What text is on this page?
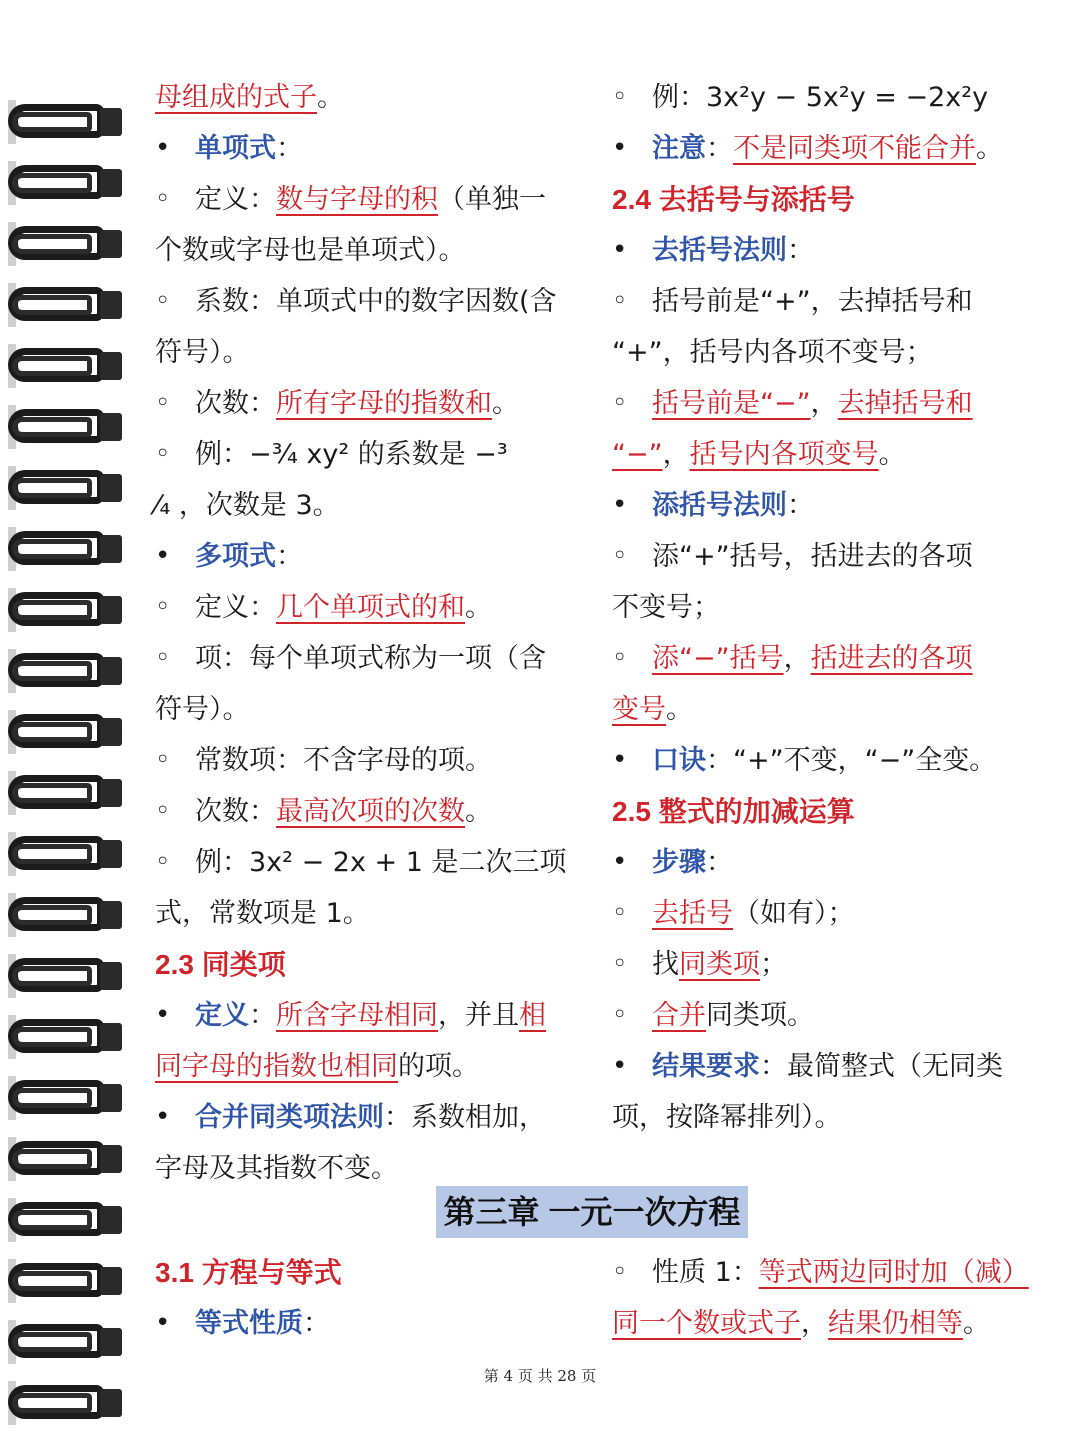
母组成的式子。
•单项式：
◦定义：数与字母的积（单独一
个数或字母也是单项式）。
◦系数：单项式中的数字因数(含
符号）。
◦次数：所有字母的指数和。
◦例：−³⁄₄ xy² 的系数是 −³
⁄₄ ，次数是 3。
•多项式：
◦定义：几个单项式的和。
◦项：每个单项式称为一项（含
符号）。
◦常数项：不含字母的项。
◦次数：最高次项的次数。
◦例：3x² − 2x + 1 是二次三项
式，常数项是 1。
2.3 同类项
•定义：所含字母相同，并且相
同字母的指数也相同的项。
•合并同类项法则：系数相加，
字母及其指数不变。
◦例：3x²y − 5x²y = −2x²y
•注意：不是同类项不能合并。
2.4 去括号与添括号
•去括号法则：
◦括号前是“+”，去掉括号和
“+”，括号内各项不变号；
◦括号前是“−”，去掉括号和
“−”，括号内各项变号。
•添括号法则：
◦添“+”括号，括进去的各项
不变号；
◦添“−”括号，括进去的各项
变号。
•口诀：“+”不变，“−”全变。
2.5 整式的加减运算
•步骤：
◦去括号（如有）；
◦找同类项；
◦合并同类项。
•结果要求：最简整式（无同类
项，按降幂排列）。
第三章 一元一次方程
3.1 方程与等式
•等式性质：
◦性质 1：等式两边同时加（减）
同一个数或式子，结果仍相等。
第 4 页 共 28 页
